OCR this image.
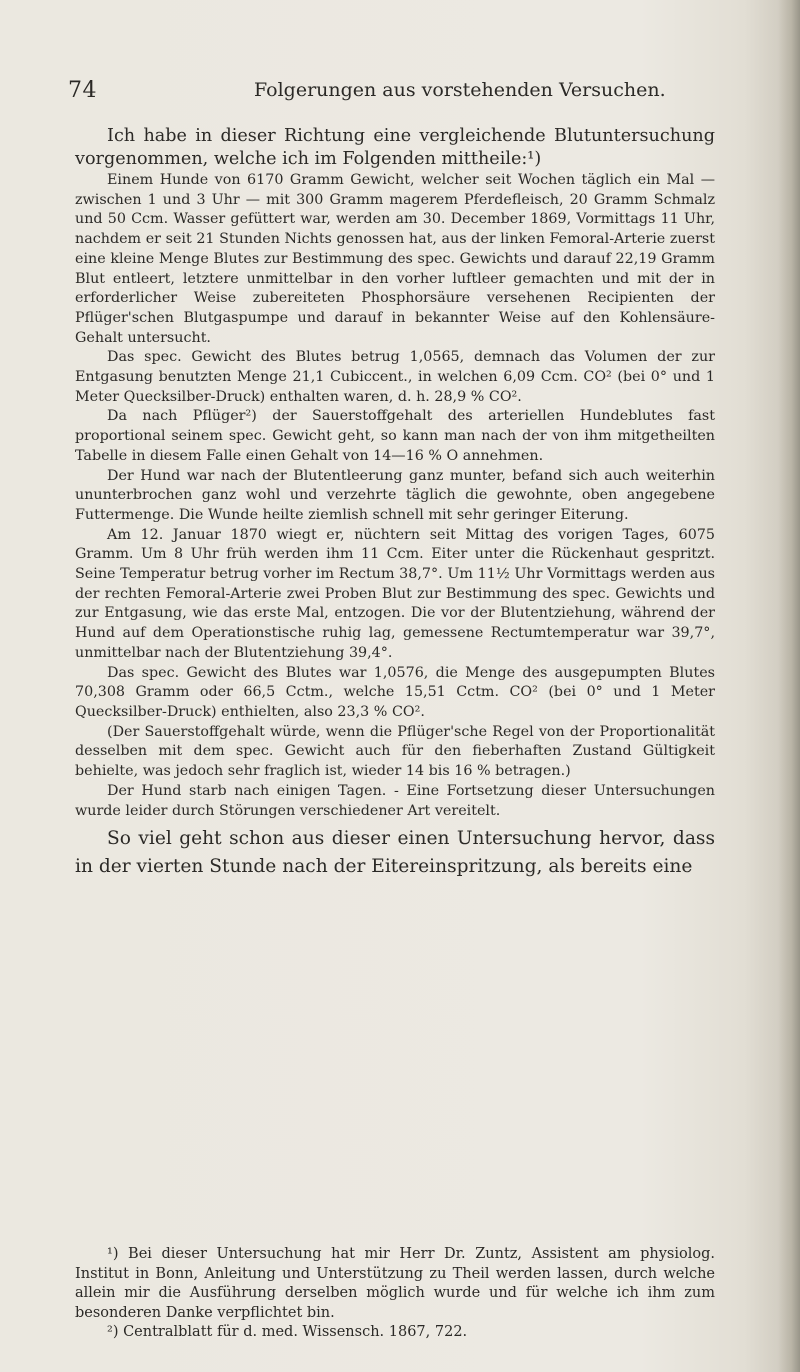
74	Folgerungen aus vorstehenden Versuchen.

Ich habe in dieser Richtung eine vergleichende Blutuntersuchung vorgenommen, welche ich im Folgenden mittheile:¹)

Einem Hunde von 6170 Gramm Gewicht, welcher seit Wochen täglich ein Mal — zwischen 1 und 3 Uhr — mit 300 Gramm magerem Pferdefleisch, 20 Gramm Schmalz und 50 Ccm. Wasser gefüttert war, werden am 30. December 1869, Vormittags 11 Uhr, nachdem er seit 21 Stunden Nichts genossen hat, aus der linken Femoral-Arterie zuerst eine kleine Menge Blutes zur Bestimmung des spec. Gewichts und darauf 22,19 Gramm Blut entleert, letztere unmittelbar in den vorher luftleer gemachten und mit der in erforderlicher Weise zubereiteten Phosphorsäure versehenen Recipienten der Pflüger'schen Blutgaspumpe und darauf in bekannter Weise auf den Kohlensäure-Gehalt untersucht.

Das spec. Gewicht des Blutes betrug 1,0565, demnach das Volumen der zur Entgasung benutzten Menge 21,1 Cubiccent., in welchen 6,09 Ccm. CO² (bei 0° und 1 Meter Quecksilber-Druck) enthalten waren, d. h. 28,9 % CO².

Da nach Pflüger²) der Sauerstoffgehalt des arteriellen Hundeblutes fast proportional seinem spec. Gewicht geht, so kann man nach der von ihm mitgetheilten Tabelle in diesem Falle einen Gehalt von 14—16 % O annehmen.

Der Hund war nach der Blutentleerung ganz munter, befand sich auch weiterhin ununterbrochen ganz wohl und verzehrte täglich die gewohnte, oben angegebene Futtermenge. Die Wunde heilte ziemlish schnell mit sehr geringer Eiterung.

Am 12. Januar 1870 wiegt er, nüchtern seit Mittag des vorigen Tages, 6075 Gramm. Um 8 Uhr früh werden ihm 11 Ccm. Eiter unter die Rückenhaut gespritzt. Seine Temperatur betrug vorher im Rectum 38,7°. Um 11½ Uhr Vormittags werden aus der rechten Femoral-Arterie zwei Proben Blut zur Bestimmung des spec. Gewichts und zur Entgasung, wie das erste Mal, entzogen. Die vor der Blutentziehung, während der Hund auf dem Operationstische ruhig lag, gemessene Rectumtemperatur war 39,7°, unmittelbar nach der Blutentziehung 39,4°.

Das spec. Gewicht des Blutes war 1,0576, die Menge des ausgepumpten Blutes 70,308 Gramm oder 66,5 Cctm., welche 15,51 Cctm. CO² (bei 0° und 1 Meter Quecksilber-Druck) enthielten, also 23,3 % CO².

(Der Sauerstoffgehalt würde, wenn die Pflüger'sche Regel von der Proportionalität desselben mit dem spec. Gewicht auch für den fieberhaften Zustand Gültigkeit behielte, was jedoch sehr fraglich ist, wieder 14 bis 16 % betragen.)

Der Hund starb nach einigen Tagen. - Eine Fortsetzung dieser Untersuchungen wurde leider durch Störungen verschiedener Art vereitelt.

So viel geht schon aus dieser einen Untersuchung hervor, dass in der vierten Stunde nach der Eitereinspritzung, als bereits eine

¹) Bei dieser Untersuchung hat mir Herr Dr. Zuntz, Assistent am physiolog. Institut in Bonn, Anleitung und Unterstützung zu Theil werden lassen, durch welche allein mir die Ausführung derselben möglich wurde und für welche ich ihm zum besonderen Danke verpflichtet bin.

²) Centralblatt für d. med. Wissensch. 1867, 722.
